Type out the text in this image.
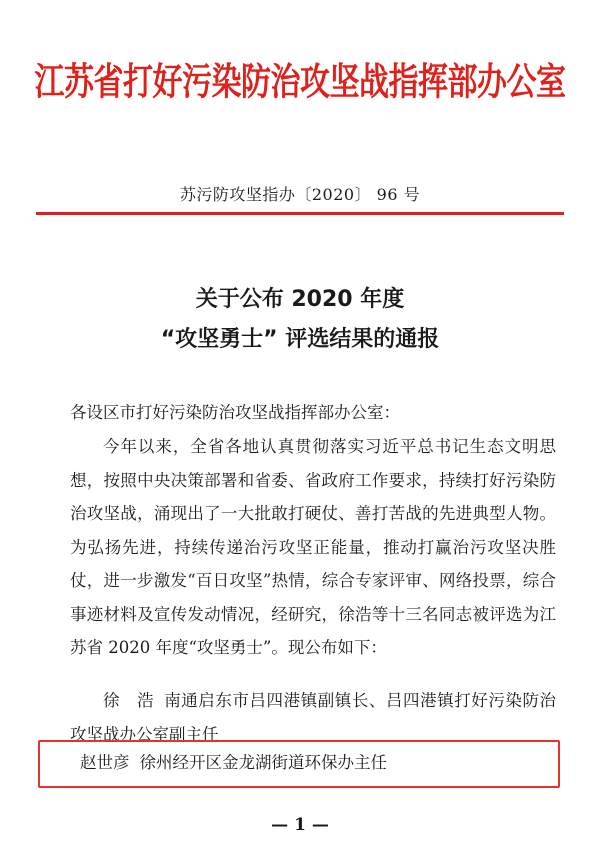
江苏省打好污染防治攻坚战指挥部办公室
苏污防攻坚指办〔2020〕 96 号
关于公布 2020 年度
“攻坚勇士” 评选结果的通报
各设区市打好污染防治攻坚战指挥部办公室：
今年以来，全省各地认真贯彻落实习近平总书记生态文明思想，按照中央决策部署和省委、省政府工作要求，持续打好污染防治攻坚战，涌现出了一大批敢打硬仗、善打苦战的先进典型人物。为弘扬先进，持续传递治污攻坚正能量，推动打赢治污攻坚决胜仗，进一步激发“百日攻坚”热情，综合专家评审、网络投票，综合事迹材料及宣传发动情况，经研究，徐浩等十三名同志被评选为江苏省 2020 年度“攻坚勇士”。现公布如下：
徐　浩 南通启东市吕四港镇副镇长、吕四港镇打好污染防治攻坚战办公室副主任
赵世彦 徐州经开区金龙湖街道环保办主任
— 1 —
